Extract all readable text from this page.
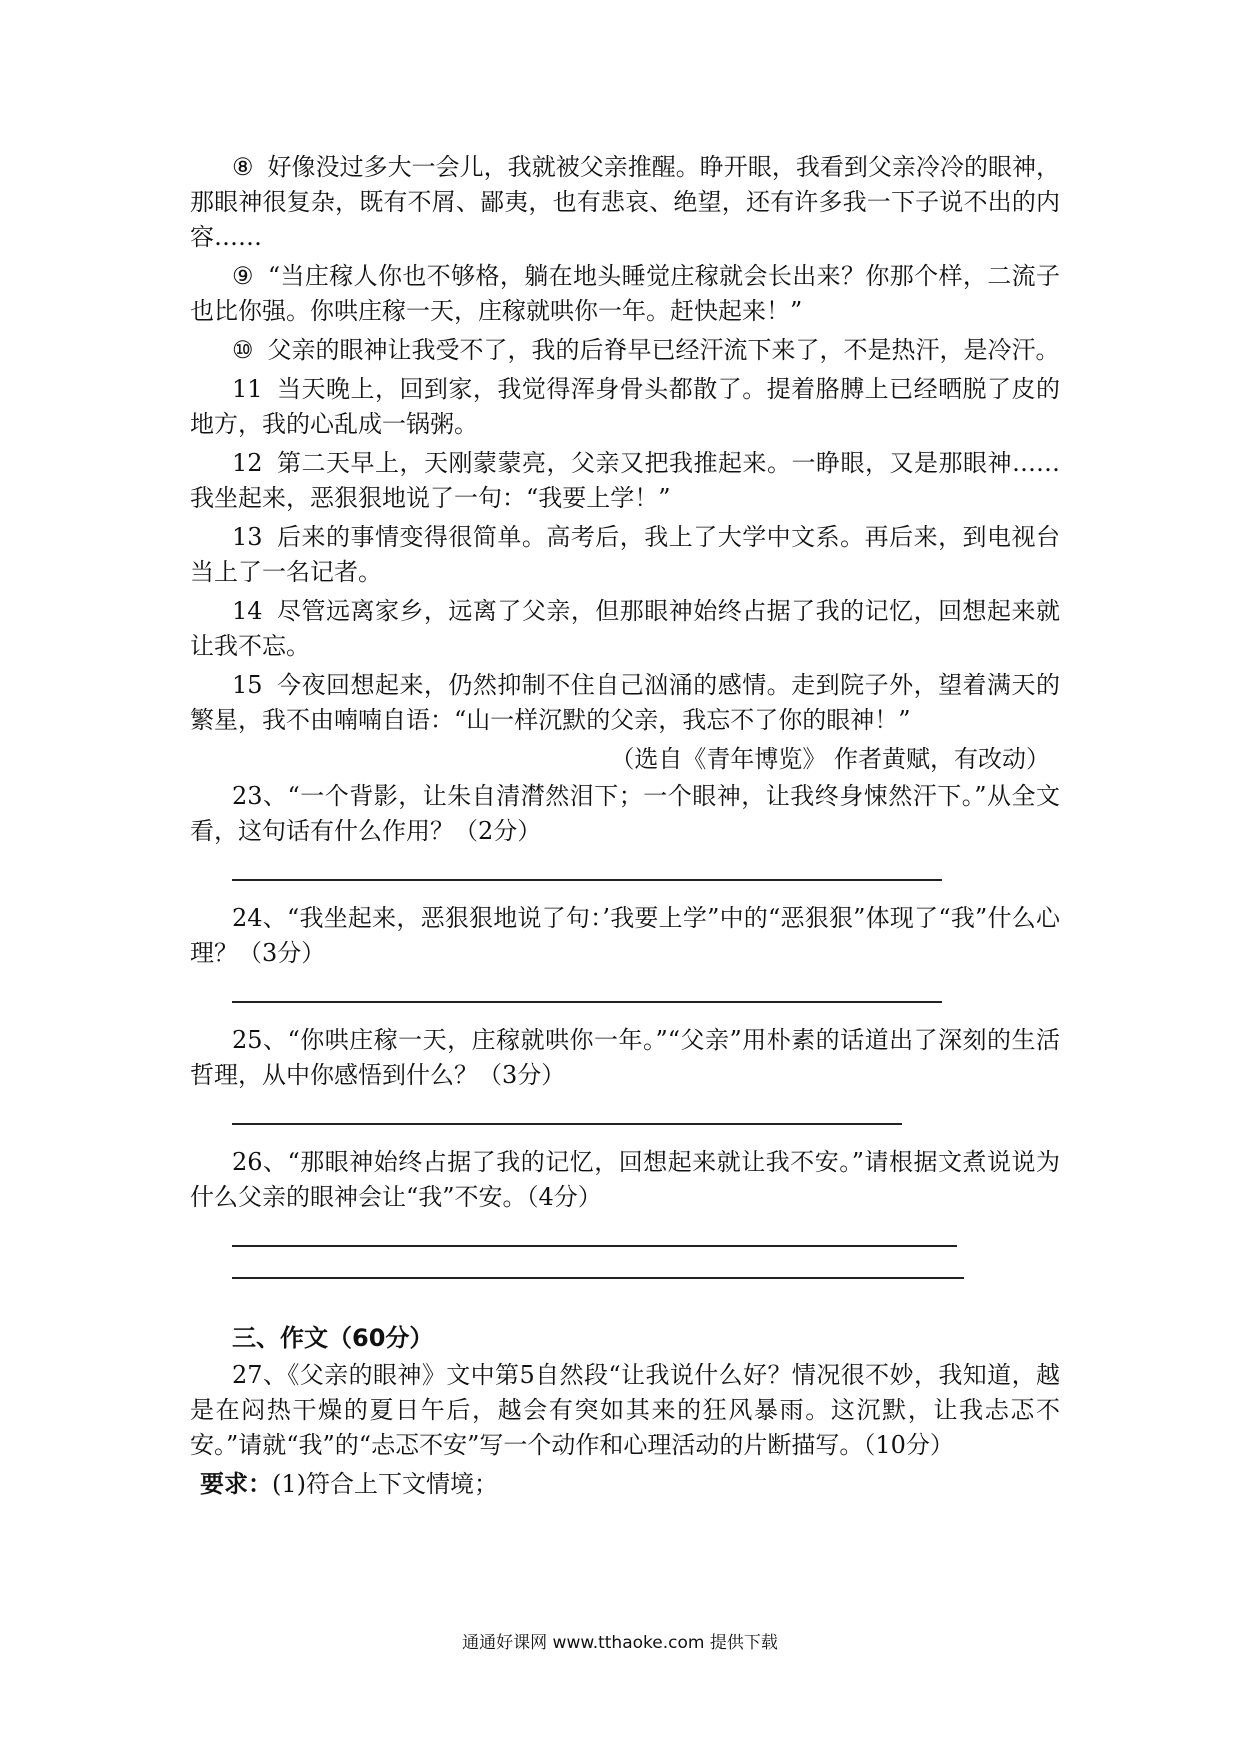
⑧ 好像没过多大一会儿，我就被父亲推醒。睁开眼，我看到父亲冷冷的眼神，那眼神很复杂，既有不屑、鄙夷，也有悲哀、绝望，还有许多我一下子说不出的内容……

⑨ “当庄稼人你也不够格，躺在地头睡觉庄稼就会长出来？你那个样，二流子也比你强。你哄庄稼一天，庄稼就哄你一年。赶快起来！”

⑩ 父亲的眼神让我受不了，我的后脊早已经汗流下来了，不是热汗，是冷汗。

11 当天晚上，回到家，我觉得浑身骨头都散了。提着胳膊上已经晒脱了皮的地方，我的心乱成一锅粥。

12 第二天早上，天刚蒙蒙亮，父亲又把我推起来。一睁眼，又是那眼神……我坐起来，恶狠狠地说了一句：“我要上学！”

13 后来的事情变得很简单。高考后，我上了大学中文系。再后来，到电视台当上了一名记者。

14 尽管远离家乡，远离了父亲，但那眼神始终占据了我的记忆，回想起来就让我不忘。

15 今夜回想起来，仍然抑制不住自己汹涌的感情。走到院子外，望着满天的繁星，我不由喃喃自语：“山一样沉默的父亲，我忘不了你的眼神！”

（选自《青年博览》 作者黄赋，有改动）

23、“一个背影，让朱自清潸然泪下；一个眼神，让我终身悚然汗下。”从全文看，这句话有什么作用？（2分）

24、“我坐起来，恶狠狠地说了句：’我要上学”中的“恶狠狠”体现了“我”什么心理？（3分）

25、“你哄庄稼一天，庄稼就哄你一年。”“父亲”用朴素的话道出了深刻的生活哲理，从中你感悟到什么？（3分）

26、“那眼神始终占据了我的记忆，回想起来就让我不安。”请根据文煮说说为什么父亲的眼神会让“我”不安。（4分）

三、作文（60分）

27、《父亲的眼神》文中第5自然段“让我说什么好？情况很不妙，我知道，越是在闷热干燥的夏日午后，越会有突如其来的狂风暴雨。这沉默，让我忐忑不安。”请就“我”的“忐忑不安”写一个动作和心理活动的片断描写。（10分）

要求：(1)符合上下文情境；

通通好课网 www.tthaoke.com 提供下载
